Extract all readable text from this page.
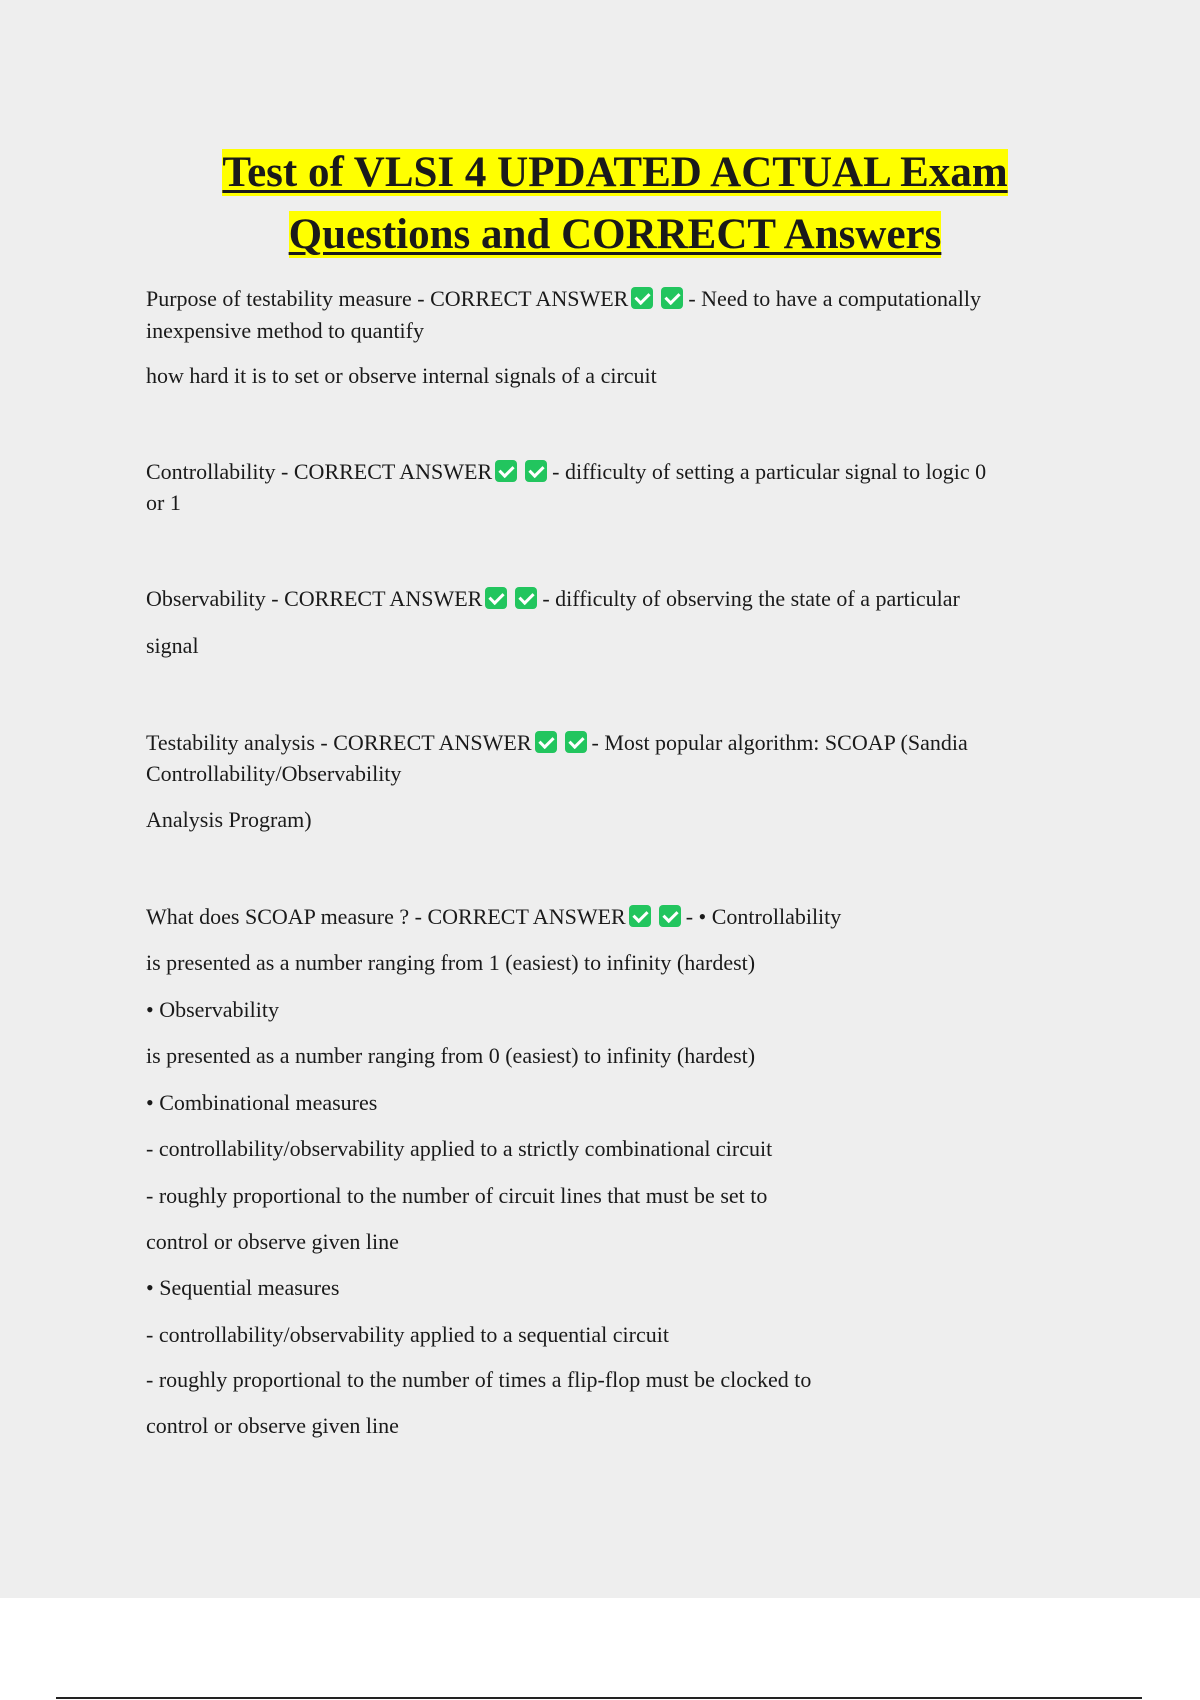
Test of VLSI 4 UPDATED ACTUAL Exam
Questions and CORRECT Answers

Purpose of testability measure - CORRECT ANSWER	- Need to have a computationally

inexpensive method to quantify

how hard it is to set or observe internal signals of a circuit

Controllability - CORRECT ANSWER	- difficulty of setting a particular signal to logic 0

or 1

Observability - CORRECT ANSWER	- difficulty of observing the state of a particular

signal

Testability analysis - CORRECT ANSWER	- Most popular algorithm: SCOAP (Sandia

Controllability/Observability

Analysis Program)

What does SCOAP measure ? - CORRECT ANSWER	- • Controllability

is presented as a number ranging from 1 (easiest) to infinity (hardest)

• Observability

is presented as a number ranging from 0 (easiest) to infinity (hardest)

• Combinational measures

- controllability/observability applied to a strictly combinational circuit

- roughly proportional to the number of circuit lines that must be set to

control or observe given line

• Sequential measures

- controllability/observability applied to a sequential circuit

- roughly proportional to the number of times a flip-flop must be clocked to

control or observe given line
